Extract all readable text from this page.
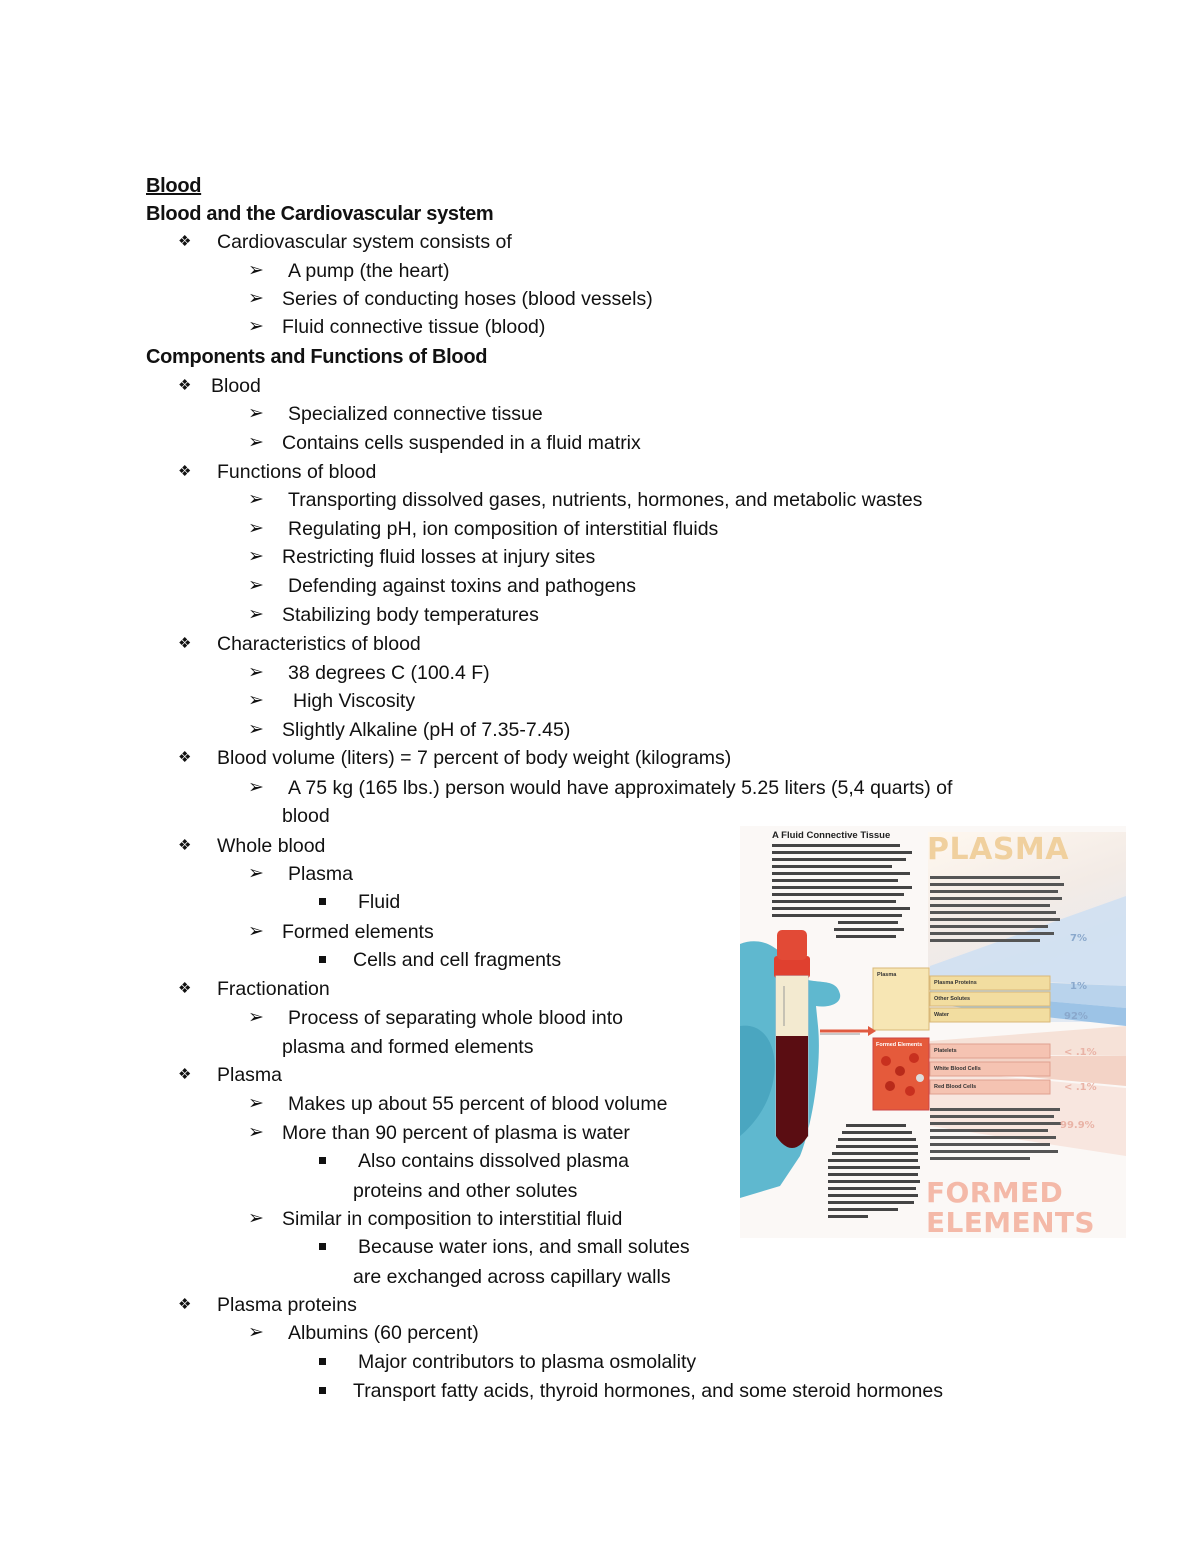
Blood
Blood and the Cardiovascular system
❖ Cardiovascular system consists of
➢ A pump (the heart)
➢ Series of conducting hoses (blood vessels)
➢ Fluid connective tissue (blood)
Components and Functions of Blood
❖ Blood
➢ Specialized connective tissue
➢ Contains cells suspended in a fluid matrix
❖ Functions of blood
➢ Transporting dissolved gases, nutrients, hormones, and metabolic wastes
➢ Regulating pH, ion composition of interstitial fluids
➢ Restricting fluid losses at injury sites
➢ Defending against toxins and pathogens
➢ Stabilizing body temperatures
❖ Characteristics of blood
➢ 38 degrees C (100.4 F)
➢ High Viscosity
➢ Slightly Alkaline (pH of 7.35-7.45)
❖ Blood volume (liters) = 7 percent of body weight (kilograms)
➢ A 75 kg (165 lbs.) person would have approximately 5.25 liters (5,4 quarts) of
blood
❖ Whole blood
➢ Plasma
Fluid
➢ Formed elements
Cells and cell fragments
❖ Fractionation
➢ Process of separating whole blood into
plasma and formed elements
❖ Plasma
➢ Makes up about 55 percent of blood volume
➢ More than 90 percent of plasma is water
Also contains dissolved plasma
proteins and other solutes
➢ Similar in composition to interstitial fluid
Because water ions, and small solutes
are exchanged across capillary walls
❖ Plasma proteins
➢ Albumins (60 percent)
Major contributors to plasma osmolality
Transport fatty acids, thyroid hormones, and some steroid hormones
PLASMA
FORMED
ELEMENTS
A Fluid Connective Tissue
Plasma
Formed Elements
Plasma Proteins
Other Solutes
Water
Platelets
White Blood Cells
Red Blood Cells
7%
1%
92%
< .1%
< .1%
99.9%
